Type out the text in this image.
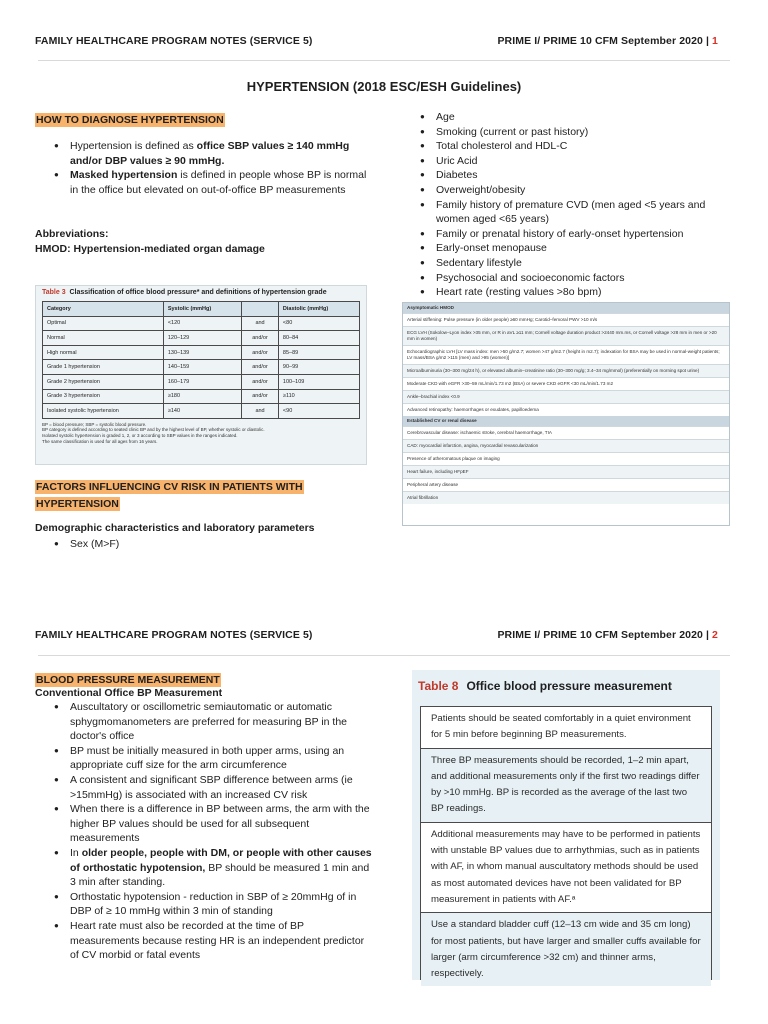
FAMILY HEALTHCARE PROGRAM NOTES (SERVICE 5)	PRIME I/ PRIME 10 CFM September 2020 | 1
HYPERTENSION (2018 ESC/ESH Guidelines)
HOW TO DIAGNOSE HYPERTENSION
● Hypertension is defined as office SBP values ≥ 140 mmHg and/or DBP values ≥ 90 mmHg.
● Masked hypertension is defined in people whose BP is normal in the office but elevated on out-of-office BP measurements
Abbreviations:
HMOD: Hypertension-mediated organ damage
Table 3 Classification of office blood pressure* and definitions of hypertension grade
Category	Systolic (mmHg)		Diastolic (mmHg)
Optimal	<120	and	<80
Normal	120–129	and/or	80–84
High normal	130–139	and/or	85–89
Grade 1 hypertension	140–159	and/or	90–99
Grade 2 hypertension	160–179	and/or	100–109
Grade 3 hypertension	≥180	and/or	≥110
Isolated systolic hypertension	≥140	and	<90
BP = blood pressure; SBP = systolic blood pressure.
BP category is defined according to seated clinic BP and by the highest level of BP, whether systolic or diastolic.
Isolated systolic hypertension is graded 1, 2, or 3 according to SBP values in the ranges indicated.
The same classification is used for all ages from 16 years.
FACTORS INFLUENCING CV RISK IN PATIENTS WITH
HYPERTENSION
Demographic characteristics and laboratory parameters
● Sex (M>F)
● Age
● Smoking (current or past history)
● Total cholesterol and HDL-C
● Uric Acid
● Diabetes
● Overweight/obesity
● Family history of premature CVD (men aged <5 years and women aged <65 years)
● Family or prenatal history of early-onset hypertension
● Early-onset menopause
● Sedentary lifestyle
● Psychosocial and socioeconomic factors
● Heart rate (resting values >8o bpm)
Asymptomatic HMOD
Arterial stiffening: Pulse pressure (in older people) ≥60 mmHg; Carotid–femoral PWV >10 m/s
ECG LVH (Sokolow–Lyon index >35 mm, or R in aVL ≥11 mm; Cornell voltage duration product >2440 mm.ms, or Cornell voltage >28 mm in men or >20 mm in women)
Echocardiographic LVH [LV mass index: men >50 g/m2.7; women >47 g/m2.7 (height in m2.7); indexation for BSA may be used in normal-weight patients; LV mass/BSA g/m2 >115 (men) and >95 (women)]
Microalbuminuria (30–300 mg/24 h), or elevated albumin–creatinine ratio (30–300 mg/g; 3.4–34 mg/mmol) (preferentially on morning spot urine)
Moderate CKD with eGFR >30–59 mL/min/1.73 m2 (BSA) or severe CKD eGFR <30 mL/min/1.73 m2
Ankle–brachial index <0.9
Advanced retinopathy: haemorrhages or exudates, papilloedema
Established CV or renal disease
Cerebrovascular disease: ischaemic stroke, cerebral haemorrhage, TIA
CAD: myocardial infarction, angina, myocardial revascularization
Presence of atheromatous plaque on imaging
Heart failure, including HFpEF
Peripheral artery disease
Atrial fibrillation
FAMILY HEALTHCARE PROGRAM NOTES (SERVICE 5)	PRIME I/ PRIME 10 CFM September 2020 | 2
BLOOD PRESSURE MEASUREMENT
Conventional Office BP Measurement
● Auscultatory or oscillometric semiautomatic or automatic sphygmomanometers are preferred for measuring BP in the doctor's office
● BP must be initially measured in both upper arms, using an appropriate cuff size for the arm circumference
● A consistent and significant SBP difference between arms (ie >15mmHg) is associated with an increased CV risk
● When there is a difference in BP between arms, the arm with the higher BP values should be used for all subsequent measurements
● In older people, people with DM, or people with other causes of orthostatic hypotension, BP should be measured 1 min and 3 min after standing.
● Orthostatic hypotension - reduction in SBP of ≥ 20mmHg of in DBP of ≥ 10 mmHg within 3 min of standing
● Heart rate must also be recorded at the time of BP measurements because resting HR is an independent predictor of CV morbid or fatal events
Table 8 Office blood pressure measurement
Patients should be seated comfortably in a quiet environment for 5 min before beginning BP measurements.
Three BP measurements should be recorded, 1–2 min apart, and additional measurements only if the first two readings differ by >10 mmHg. BP is recorded as the average of the last two BP readings.
Additional measurements may have to be performed in patients with unstable BP values due to arrhythmias, such as in patients with AF, in whom manual auscultatory methods should be used as most automated devices have not been validated for BP measurement in patients with AF.ᵃ
Use a standard bladder cuff (12–13 cm wide and 35 cm long) for most patients, but have larger and smaller cuffs available for larger (arm circumference >32 cm) and thinner arms, respectively.
